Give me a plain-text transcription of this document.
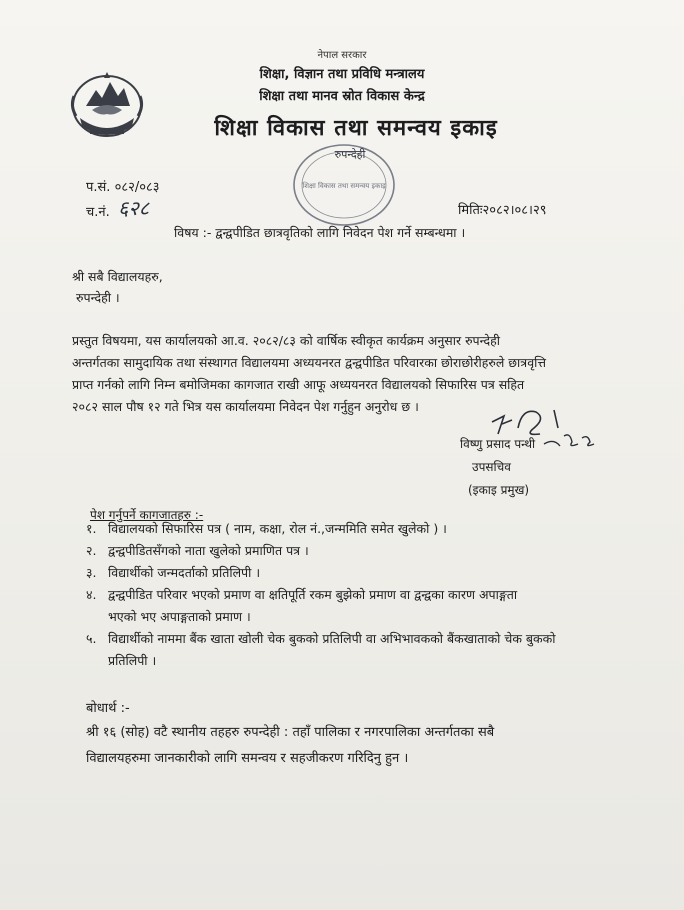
नेपाल सरकार
शिक्षा, विज्ञान तथा प्रविधि मन्त्रालय
शिक्षा तथा मानव स्रोत विकास केन्द्र
शिक्षा विकास तथा समन्वय इकाइ
शिक्षा विकास तथा समन्वय इकाइ
रुपन्देही
प.सं. ०८२/०८३
च.नं. ६२८	मितिः२०८२।०८।२९
विषय :- द्वन्द्वपीडित छात्रवृतिको लागि निवेदन पेश गर्ने सम्बन्धमा ।
श्री सबै विद्यालयहरु,
रुपन्देही ।
प्रस्तुत विषयमा, यस कार्यालयको आ.व. २०८२/८३ को वार्षिक स्वीकृत कार्यक्रम अनुसार रुपन्देही
अन्तर्गतका सामुदायिक तथा संस्थागत विद्यालयमा अध्ययनरत द्वन्द्वपीडित परिवारका छोराछोरीहरुले छात्रवृत्ति
प्राप्त गर्नको लागि निम्न बमोजिमका कागजात राखी आफू अध्ययनरत विद्यालयको सिफारिस पत्र सहित
२०८२ साल पौष १२ गते भित्र यस कार्यालयमा निवेदन पेश गर्नुहुन अनुरोध छ ।
विष्णु प्रसाद पन्थी
उपसचिव
(इकाइ प्रमुख)
पेश गर्नुपर्ने कागजातहरु :-
१. विद्यालयको सिफारिस पत्र ( नाम, कक्षा, रोल नं.,जन्ममिति समेत खुलेको ) ।
२. द्वन्द्वपीडितसँगको नाता खुलेको प्रमाणित पत्र ।
३. विद्यार्थीको जन्मदर्ताको प्रतिलिपी ।
४. द्वन्द्वपीडित परिवार भएको प्रमाण वा क्षतिपूर्ति रकम बुझेको प्रमाण वा द्वन्द्वका कारण अपाङ्गता
भएको भए अपाङ्गताको प्रमाण ।
५. विद्यार्थीको नाममा बैंक खाता खोली चेक बुकको प्रतिलिपी वा अभिभावकको बैंकखाताको चेक बुकको
प्रतिलिपी ।
बोधार्थ :-
श्री १६ (सोह) वटै स्थानीय तहहरु रुपन्देही : तहाँ पालिका र नगरपालिका अन्तर्गतका सबै
विद्यालयहरुमा जानकारीको लागि समन्वय र सहजीकरण गरिदिनु हुन ।
